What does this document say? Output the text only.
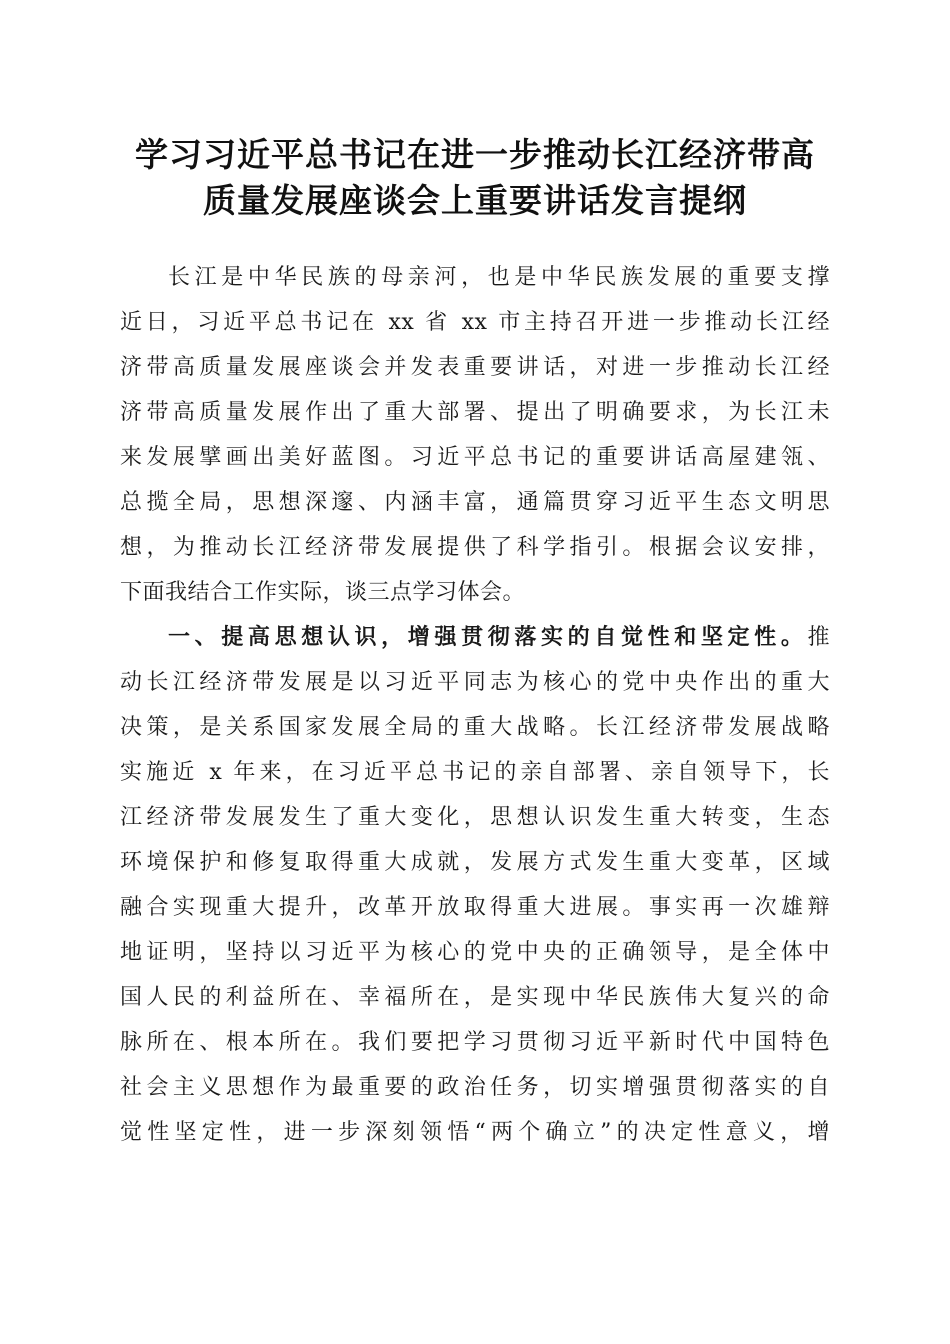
学习习近平总书记在进一步推动长江经济带高
质量发展座谈会上重要讲话发言提纲
长江是中华民族的母亲河，也是中华民族发展的重要支撑
近日，习近平总书记在 xx 省 xx 市主持召开进一步推动长江经
济带高质量发展座谈会并发表重要讲话，对进一步推动长江经
济带高质量发展作出了重大部署、提出了明确要求，为长江未
来发展擘画出美好蓝图。习近平总书记的重要讲话高屋建瓴、
总揽全局，思想深邃、内涵丰富，通篇贯穿习近平生态文明思
想，为推动长江经济带发展提供了科学指引。根据会议安排，
下面我结合工作实际，谈三点学习体会。
一、提高思想认识，增强贯彻落实的自觉性和坚定性。推
动长江经济带发展是以习近平同志为核心的党中央作出的重大
决策，是关系国家发展全局的重大战略。长江经济带发展战略
实施近 x 年来，在习近平总书记的亲自部署、亲自领导下，长
江经济带发展发生了重大变化，思想认识发生重大转变，生态
环境保护和修复取得重大成就，发展方式发生重大变革，区域
融合实现重大提升，改革开放取得重大进展。事实再一次雄辩
地证明，坚持以习近平为核心的党中央的正确领导，是全体中
国人民的利益所在、幸福所在，是实现中华民族伟大复兴的命
脉所在、根本所在。我们要把学习贯彻习近平新时代中国特色
社会主义思想作为最重要的政治任务，切实增强贯彻落实的自
觉性坚定性，进一步深刻领悟“两个确立”的决定性意义，增
